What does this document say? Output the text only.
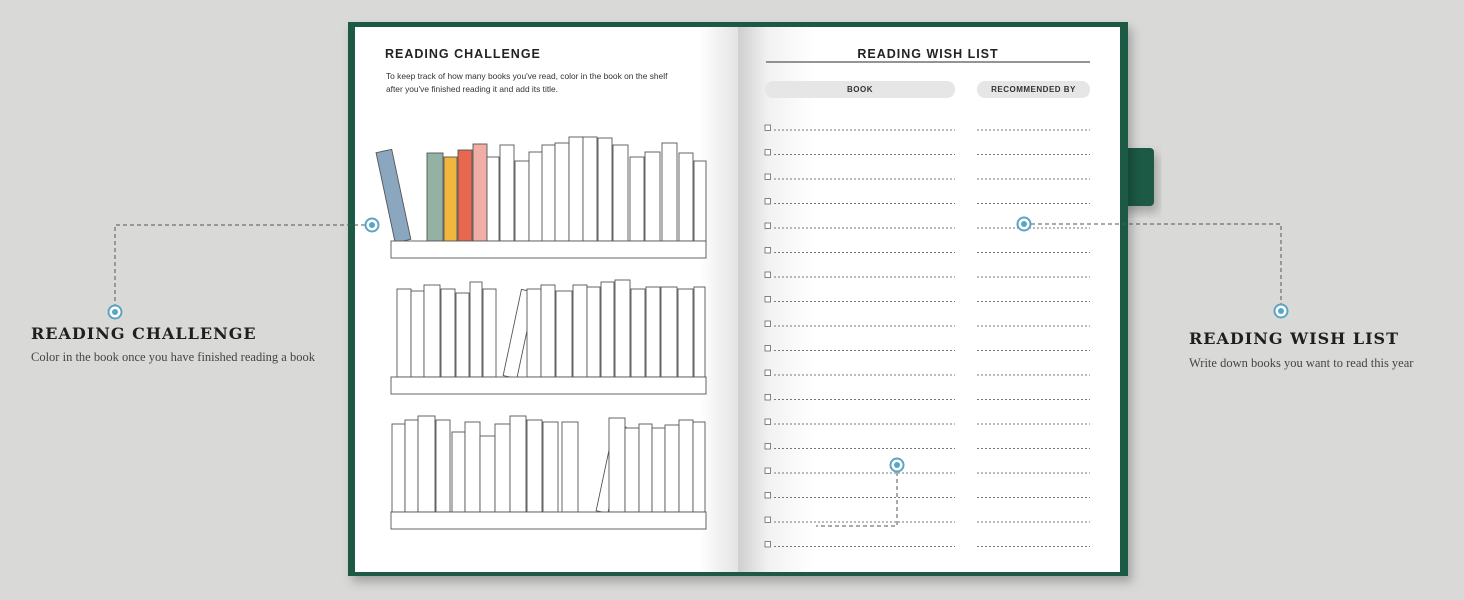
READING CHALLENGE
Color in the book once you have finished reading a book
READING WISH LIST
Write down books you want to read this year
READING CHALLENGE
To keep track of how many books you've read, color in the book on the shelf
after you've finished reading it and add its title.
READING WISH LIST
BOOK	RECOMMENDED BY
